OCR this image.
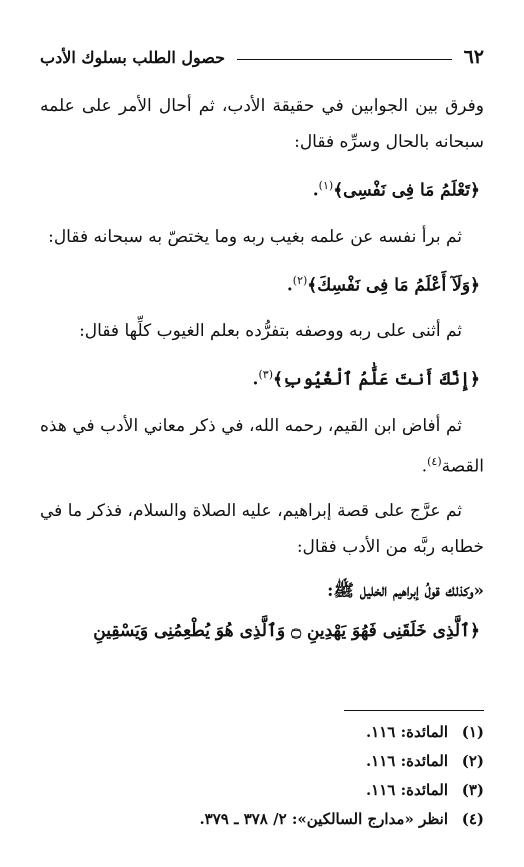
٦٢
حصول الطلب بسلوك الأدب

وفرق بين الجوابين في حقيقة الأدب، ثم أحال الأمر على علمه سبحانه بالحال وسرِّه فقال:

﴿تَعْلَمُ مَا فِى نَفْسِى﴾$^{(١)}$.

ثم برأ نفسه عن علمه بغيب ربه وما يختصّ به سبحانه فقال:

﴿وَلَآ أَعْلَمُ مَا فِى نَفْسِكَ﴾$^{(٢)}$.

ثم أثنى على ربه ووصفه بتفرُّده بعلم الغيوب كلِّها فقال:

﴿إِنَّكَ أَنتَ عَلَّٰمُ ٱلْغُيُوبِ﴾$^{(٣)}$.

ثم أفاض ابن القيم، رحمه الله، في ذكر معاني الأدب في هذه القصة$^{(٤)}$.

ثم عرَّج على قصة إبراهيم، عليه الصلاة والسلام، فذكر ما في خطابه ربَّه من الأدب فقال:

«وكذلك قولُ إبراهيم الخليل ﷺ:
﴿ٱلَّذِى خَلَقَنِى فَهُوَ يَهْدِينِ ۝ وَٱلَّذِى هُوَ يُطْعِمُنِى وَيَسْقِينِ
(١)
المائدة: ١١٦.
(٢)
المائدة: ١١٦.
(٣)
المائدة: ١١٦.
(٤)
انظر «مدارج السالكين»: ٢/ ٣٧٨ ـ ٣٧٩.
